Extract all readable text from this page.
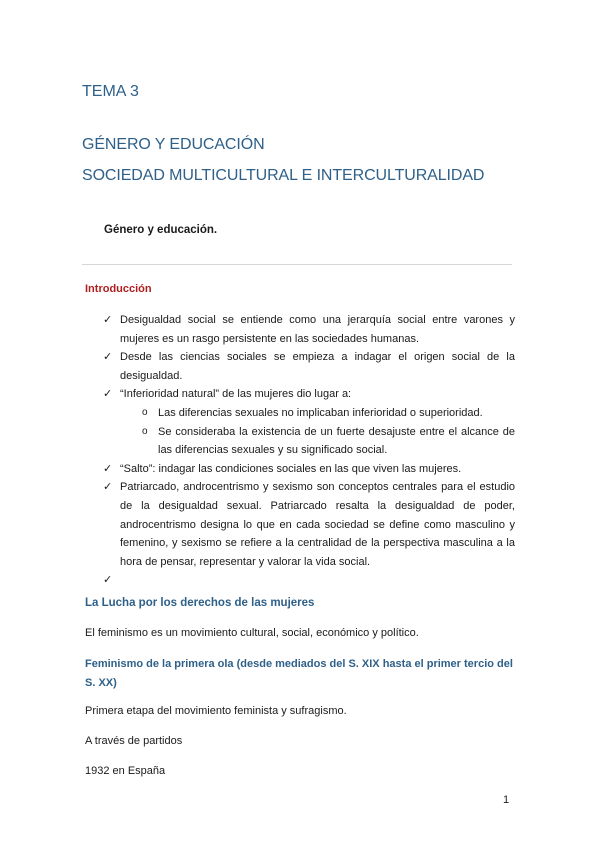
TEMA 3
GÉNERO Y EDUCACIÓN
SOCIEDAD MULTICULTURAL E INTERCULTURALIDAD
Género y educación.
Introducción
✓ Desigualdad social se entiende como una jerarquía social entre varones y mujeres es un rasgo persistente en las sociedades humanas.
✓ Desde las ciencias sociales se empieza a indagar el origen social de la desigualdad.
✓ “Inferioridad natural” de las mujeres dio lugar a:
o Las diferencias sexuales no implicaban inferioridad o superioridad.
o Se consideraba la existencia de un fuerte desajuste entre el alcance de las diferencias sexuales y su significado social.
✓ “Salto”: indagar las condiciones sociales en las que viven las mujeres.
✓ Patriarcado, androcentrismo y sexismo son conceptos centrales para el estudio de la desigualdad sexual. Patriarcado resalta la desigualdad de poder, androcentrismo designa lo que en cada sociedad se define como masculino y femenino, y sexismo se refiere a la centralidad de la perspectiva masculina a la hora de pensar, representar y valorar la vida social.
✓
La Lucha por los derechos de las mujeres
El feminismo es un movimiento cultural, social, económico y político.
Feminismo de la primera ola (desde mediados del S. XIX hasta el primer tercio del S. XX)
Primera etapa del movimiento feminista y sufragismo.
A través de partidos
1932 en España
1
